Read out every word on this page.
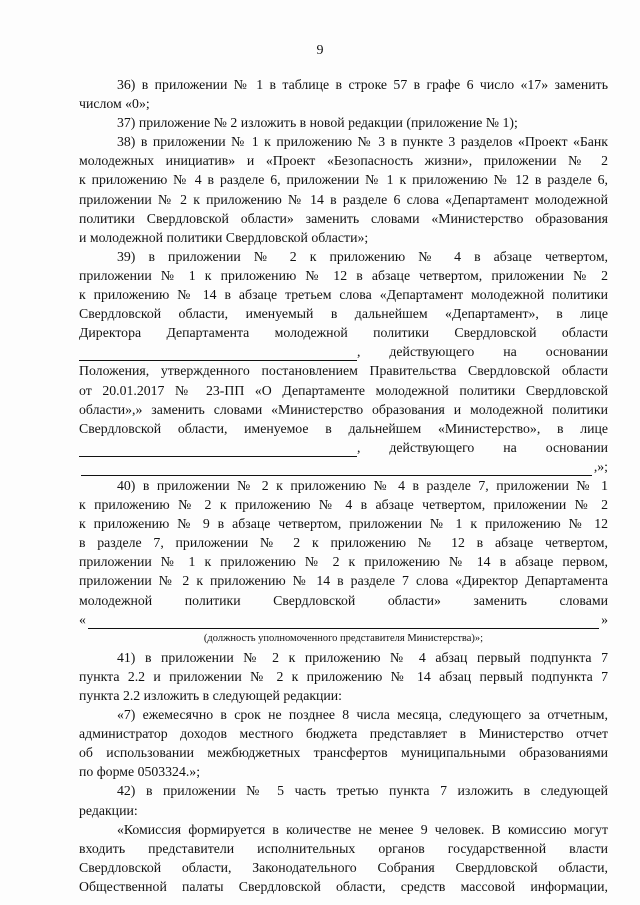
9
36) в приложении № 1 в таблице в строке 57 в графе 6 число «17» заменить
числом «0»;
37) приложение № 2 изложить в новой редакции (приложение № 1);
38) в приложении № 1 к приложению № 3 в пункте 3 разделов «Проект «Банк
молодежных инициатив» и «Проект «Безопасность жизни», приложении № 2
к приложению № 4 в разделе 6, приложении № 1 к приложению № 12 в разделе 6,
приложении № 2 к приложению № 14 в разделе 6 слова «Департамент молодежной
политики Свердловской области» заменить словами «Министерство образования
и молодежной политики Свердловской области»;
39) в приложении № 2 к приложению № 4 в абзаце четвертом,
приложении № 1 к приложению № 12 в абзаце четвертом, приложении № 2
к приложению № 14 в абзаце третьем слова «Департамент молодежной политики
Свердловской области, именуемый в дальнейшем «Департамент», в лице
Директора Департамента молодежной политики Свердловской области
, действующего на основании
Положения, утвержденного постановлением Правительства Свердловской области
от 20.01.2017 № 23-ПП «О Департаменте молодежной политики Свердловской
области»,» заменить словами «Министерство образования и молодежной политики
Свердловской области, именуемое в дальнейшем «Министерство», в лице
, действующего на основании
,»;
40) в приложении № 2 к приложению № 4 в разделе 7, приложении № 1
к приложению № 2 к приложению № 4 в абзаце четвертом, приложении № 2
к приложению № 9 в абзаце четвертом, приложении № 1 к приложению № 12
в разделе 7, приложении № 2 к приложению № 12 в абзаце четвертом,
приложении № 1 к приложению № 2 к приложению № 14 в абзаце первом,
приложении № 2 к приложению № 14 в разделе 7 слова «Директор Департамента
молодежной политики Свердловской области» заменить словами
«	»
(должность уполномоченного представителя Министерства)»;
41) в приложении № 2 к приложению № 4 абзац первый подпункта 7
пункта 2.2 и приложении № 2 к приложению № 14 абзац первый подпункта 7
пункта 2.2 изложить в следующей редакции:
«7) ежемесячно в срок не позднее 8 числа месяца, следующего за отчетным,
администратор доходов местного бюджета представляет в Министерство отчет
об использовании межбюджетных трансфертов муниципальными образованиями
по форме 0503324.»;
42) в приложении № 5 часть третью пункта 7 изложить в следующей
редакции:
«Комиссия формируется в количестве не менее 9 человек. В комиссию могут
входить представители исполнительных органов государственной власти
Свердловской области, Законодательного Собрания Свердловской области,
Общественной палаты Свердловской области, средств массовой информации,
